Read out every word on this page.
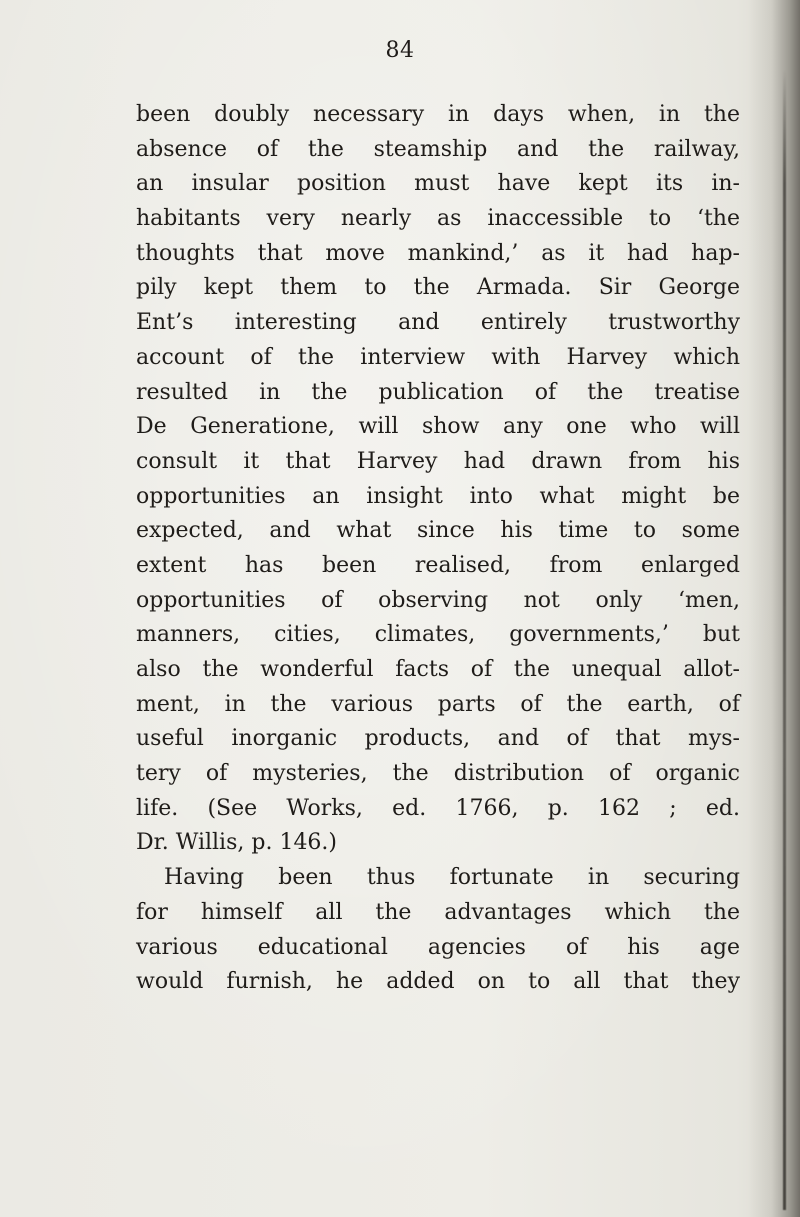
84
been doubly necessary in days when, in the
absence of the steamship and the railway,
an insular position must have kept its in-
habitants very nearly as inaccessible to ‘the
thoughts that move mankind,’ as it had hap-
pily kept them to the Armada. Sir George
Ent’s interesting and entirely trustworthy
account of the interview with Harvey which
resulted in the publication of the treatise
De Generatione, will show any one who will
consult it that Harvey had drawn from his
opportunities an insight into what might be
expected, and what since his time to some
extent has been realised, from enlarged
opportunities of observing not only ‘men,
manners, cities, climates, governments,’ but
also the wonderful facts of the unequal allot-
ment, in the various parts of the earth, of
useful inorganic products, and of that mys-
tery of mysteries, the distribution of organic
life. (See Works, ed. 1766, p. 162 ; ed.
Dr. Willis, p. 146.)
Having been thus fortunate in securing
for himself all the advantages which the
various educational agencies of his age
would furnish, he added on to all that they
